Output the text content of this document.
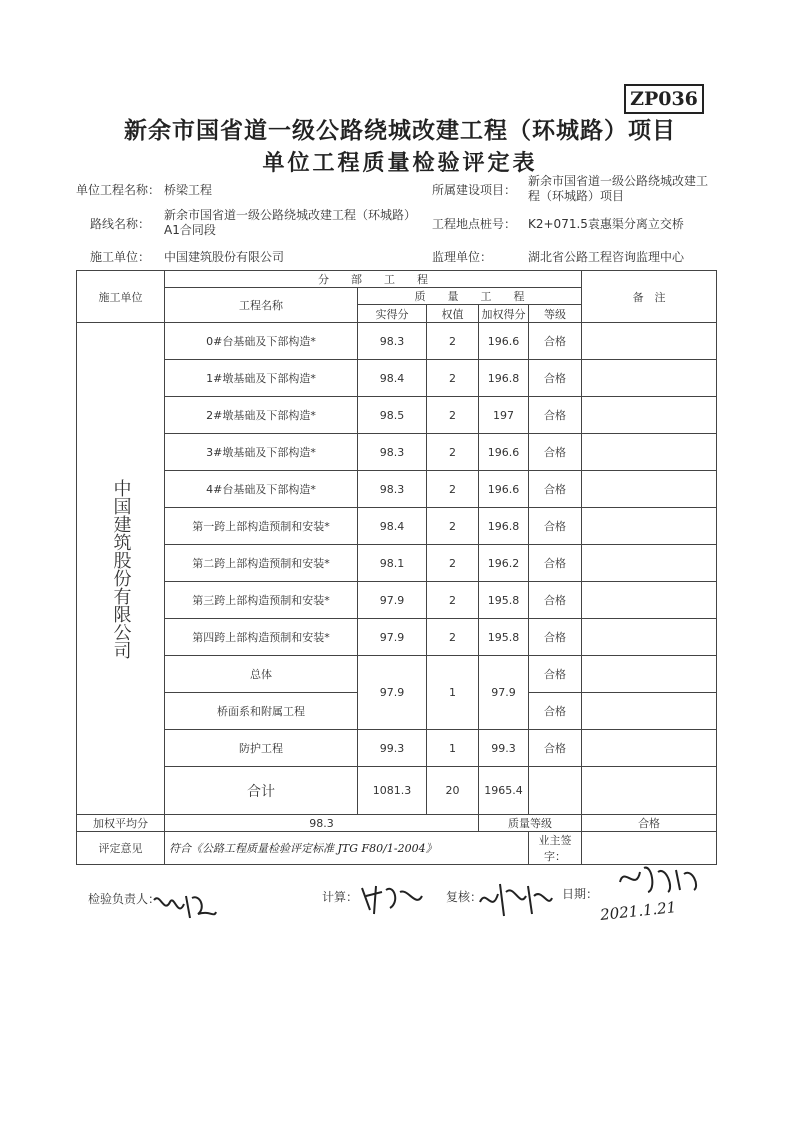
ZP036
新余市国省道一级公路绕城改建工程（环城路）项目
单位工程质量检验评定表
单位工程名称： 桥梁工程	所属建设项目：
新余市国省道一级公路绕城改建工
程（环城路）项目
路线名称：
新余市国省道一级公路绕城改建工程（环城路）
A1合同段	工程地点桩号： K2+071.5袁惠渠分离立交桥
施工单位： 中国建筑股份有限公司	监理单位：	湖北省公路工程咨询监理中心
施工单位	分　　部　　工　　程					备　注
	工程名称	质　　量　　工　　程				
		实得分	权值	加权得分	等级	

中国建筑股份有限公司	0#台基础及下部构造*	98.3	2	196.6	合格	
	1#墩基础及下部构造*	98.4	2	196.8	合格	
	2#墩基础及下部构造*	98.5	2	197	合格	
	3#墩基础及下部构造*	98.3	2	196.6	合格	
	4#台基础及下部构造*	98.3	2	196.6	合格	
	第一跨上部构造预制和安装*	98.4	2	196.8	合格	
	第二跨上部构造预制和安装*	98.1	2	196.2	合格	
	第三跨上部构造预制和安装*	97.9	2	195.8	合格	
	第四跨上部构造预制和安装*	97.9	2	195.8	合格	
	总体	97.9	1	97.9	合格	
	桥面系和附属工程				合格	
	防护工程	99.3	1	99.3	合格	
	合计	1081.3	20	1965.4		
加权平均分	98.3			质量等级		合格
评定意见	符合《公路工程质量检验评定标准 JTG F80/1-2004》				业主签字：	
检验负责人：	计算：	复核：	日期：
2021.1.21
